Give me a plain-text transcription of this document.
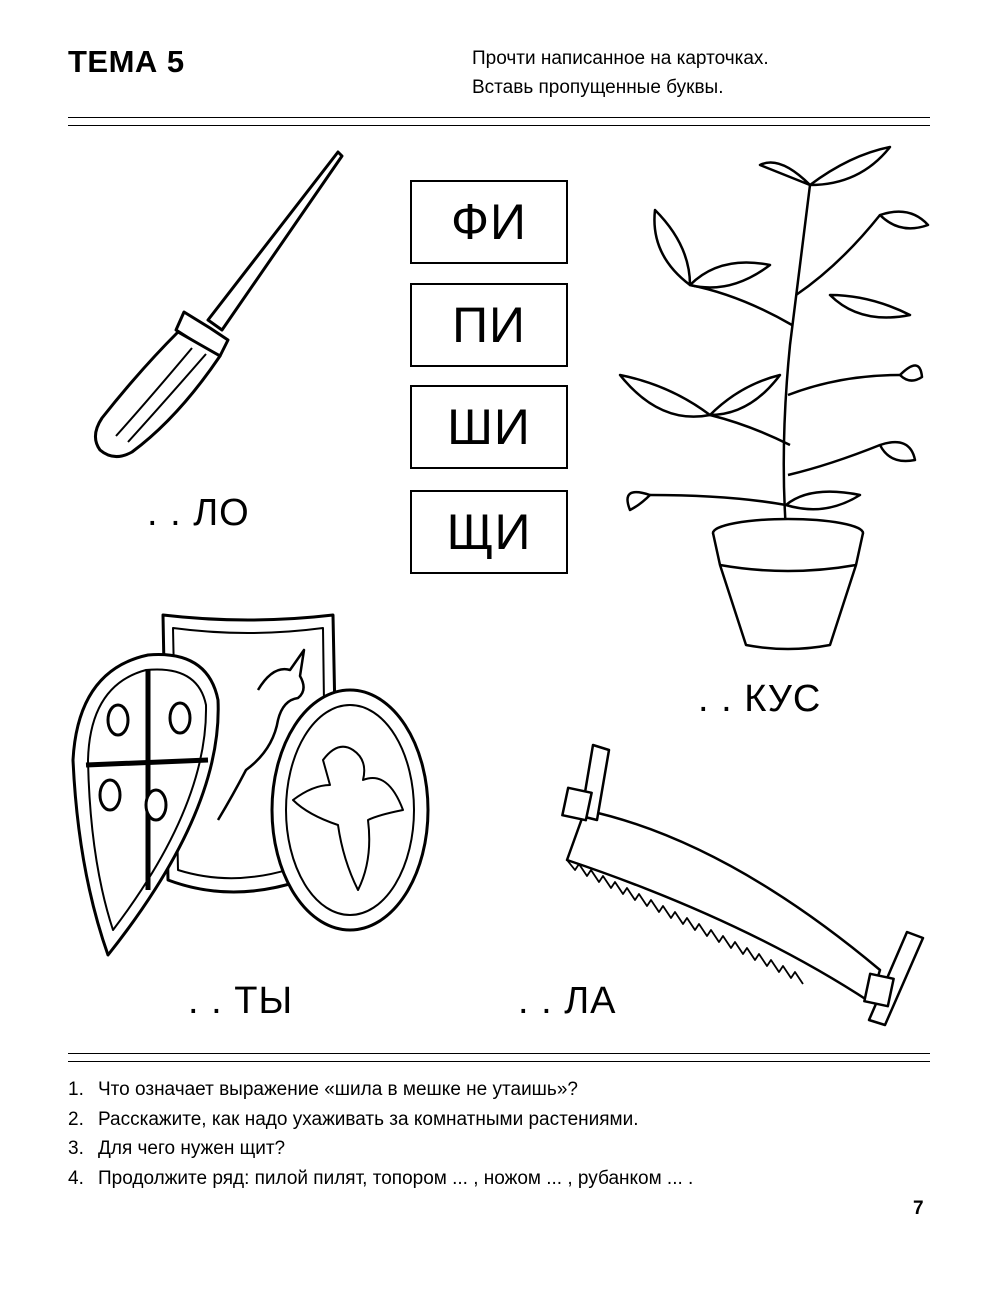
ТЕМА 5	Прочти написанное на карточках.
Вставь пропущенные буквы.
ФИ
ПИ
ШИ
ЩИ
. . ЛО
. . КУС
. . ТЫ	. . ЛА
1. Что означает выражение «шила в мешке не утаишь»?
2. Расскажите, как надо ухаживать за комнатными растениями.
3. Для чего нужен щит?
4. Продолжите ряд: пилой пилят, топором ... , ножом ... , рубанком ... .
7
